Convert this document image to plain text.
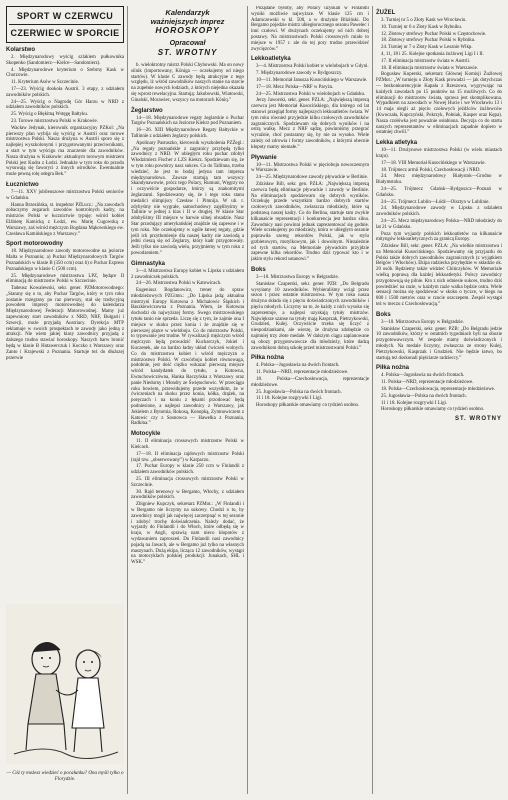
SPORT W CZERWCU
CZERWIEC W SPORCIE
Kolarstwo

2. Międzynarodowy wyścig szlakiem pułkownika Skopenko (Sandomierz—Kielce—Sandomierz).

4. Międzynarodowe kryterium o Srebrny Kask w Chorzowie.

11. Kryterium Asów w Szczecinie.

17—23. Wyścig dookoła Austrii. 3 etapy, z udziałem zawodników polskich.

24—25. Wyścig o Nagrodę Gór Harzu w NRD z udziałem zawodników polskich.

25. Wyścig o Błękitną Wstęgę Bałtyku.

23. Torowe mistrzostwa Polski w Krakowie.

Wacław Jedynak, kierownik organizacyjny PZKol: „Na pierwszy plan wybija się wyścig w Austrii oraz torowe mistrzostwa Polski. Nasza drużyna w Austrii sporo się z najlepiej wyszkolonymi i przygotowanymi przeciwnikami, a start w tym wyścigu ma znaczenie dla zawodników. Nasza drużyna w Krakowie: aktualnym torowym mistrzem Polski jest Kudra z Łodzi. Jednakże w tym roku do przodu wysuwają się faworyci z innych ośrodków. Ewentualnie może pewną rolę odegra Bek.”

Łucznictwo

7—11. XXV jubileuszowe mistrzostwa Polski seniorów w Gdańsku.

Hanna Brzezińska, st. inspektor PZŁucz.: „Na zawodach zobaczymy zegarach zawodów kontrolnych kadry, na mistrzów Polski w łucznictwie typuję: wśród kobiet Elżbietę Kamicką z Łodzi, ew. Marię Cugowską z Warszawy, zaś wśród mężczyzn Bogdana Mąkowskiego ew. Czesława Kamińskiego z Warszawy.”

Sport motorowodny

18. Międzynarodowe zawody motorowodne na jeziorze Malta w Poznaniu; a) Puchar Międzynarodowych Targów Poznańskich w klasie B (350 ccm) oraz b) o Puchar Express Poznańskiego w klasie C (500 ccm).

25. Międzynarodowe mistrzostwa LPZ, będące II eliminacją do mistrzostw Polski w Szczecinie.

Tadeusz Kowalewski, sekr. gener. PZMotorowodnego: „Starany się o to, aby Puchar Targów, który w tym roku zostanie rozegrany po raz pierwszy, stał się tradycyjną powodem imprezy motorowodnej do kalendarza Międzynarodowej Federacji Motorowodnej. Mamy już zapewniony start zawodników z NRD, NRF, Bułgarii i Szwecji, może przyjadą Austriacy. Dyrekcja MTP reklamuje w swoich prospektach te zawody jako jedną z atrakcji. Nie wiem jakiej klasy zawodnicy przyjadą z dalszego trudno stawiać horoskopy. Naszych barw bronić będą w klasie B Hutawerczuk i Koczko z Warszawy oraz Zanto i Krajewski z Poznania. Startuje też do dłuższej przerwie

Kalendarzyk
ważniejszych imprez
HOROSKOPY
Opracował
ST. WROTNY

b. wieloktrotny mistrz Polski Chybowski. Ma on nowy silnik (importowany, Königa — oczekujemy od niego startów). W klasie C zawody będą atrakcyjne z tego względu, iż wśród zawodników naszych stanie na starcie na zupełnie nowych łodziach, z których niejedna okazała się wprost rewelacyjna. Startują: Jakubowski, Wiatowski, Ginalski, Morawiec, wszyscy na motorach Köniq.”

Żeglarstwo

14—18. Międzynarodowe regaty żeglarskie o Puchar Targów Poznańskich na Jeziorze Kiekrz pod Poznaniem.

16—26. XIII Międzynarodowe Regaty Bałtyckie w Tallinnie z udziałem żeglarzy polskich.

Apolinary Pastuszko, kierownik wyszkolenia PZŻegl.: „Na regaty poznańskie z zagranicy przybędą tylko zawodnicy z NRD. W ubiegłym roku puchar zdobył Włodzimierz Fischer z LZS Kiekrz. Spodziewam się, że w tym roku powtórzy nasz sukces. Co do Tallinna, trzeba wiedzieć, że jest to bodaj jedyna tam impreza międzynarodowa. Zawsze startują tam wszyscy Skandynawowie, prócz tego Polacy, Rumuni, Węgrzy no i oczywiście gospodarze, którzy są znakomitymi żeglarzami. Spodziewamy się, że i tego roku stanu medalici olimpijscy Czesław i Pimnija. W ub. r. zdybyśmy nie wygrałe, samochodowy zajęlibyśmy w Tallinie w jednej z klas i II w drugiej. W klasie Star zdobyliśmy III miejsce w barwie silnej obsadzie. Nasz Star przodujący amerykańskiej znajdzie się zapewne i w tym roku. Nie oczekujemy w ogóle łatwej regaty, gdzie jeśli ich przytłumienie dla naszej kadry nie zawiodą a jedni cieszą się od Żeglarzy, który kadr przygotowały. Jeśli tylko nie zawiodą wielu, przyjmiemy w tym roku z powodzeniem.”

Gimnastyka

3—4. Mistrzostwa Europy kobiet w Lipsku z udziałem 2 zawodniczek polskich.

24—26. Mistrzostwa Polski w Katowicach.

Eugeniusz Bogdanowicz, trener do spraw młodzieżowych PZGimn.: „Do Lipska jadą: aktualna mistrzyni Europy Kotowna z Michalowic Śląskich i Baszkiewiczowna z Poznania. Wiem, że Kotowna dochodzi do najwyższej formy. Swego mistrzowskiego tytułu tanio nie sprzeda. Liczę się z tym, że zajmie ona I miejsce w skoku przez konia i że znajdzie się w pierwszej piątce w wieloboju. Co do mistrzostw Polski, to typowanie jest trudne. W rywalizacji mężczyzn wśród mężczyzn będą prowadzić Kucharczyk, Jokiel i Kuczenek, ale na bardzo ładny układ ćwiczeń wolnych. Co do mistrzostwa kobiet i wśród mężczyzn o mistrzostwo Polski. W czwórboju kobiet równowaga, podobnie, jest dość ciężko wskazać pierwszą miejsce wśród kandydatek do tytułu, a Kotowna, Ewtuchowiczówna, Hanka Raczyńska z Warszawy oraz panie Niedurny i Mondry ze Świętochowic. W przeciągu roku bowiem, przewidujemy przede wszystkim, że w ćwiczeniach na skoku przez konia, kółka, drążek, na poręczach i na koniu z łękami przodować będą podniesione, a najlepsi zawodnicy z Warszawy, jak Jokielem z Bytomia, Rokosą, Konopką, Zymnowiczem z Katowic czy z Sosnowca — Hawelka z Poznania, Radkina.”

Motocykle

11. II eliminacja crossowych mistrzostw Polski w Kielcach.

17—18. II eliminacja rajdowych mistrzostw Polski (rajd tzw. „obserwowany”) w Karpaczu.

17. Puchar Europy w klasie 250 ccm w Finlandii z udziałem zawodników polskich.

25. III eliminacja crossowych mistrzostw Polski w Szczecinie.

30. Rajd terenowy w Bergamo, Włochy, z udziałem zawodników polskich.

Zbigniew Kupczyk, sekretarz PZMot.: „W Finlandii i w Bergamo nie liczymy na sukcesy. Chodzi o to, by zawodnicy mogli jak najwięcej zaczerpnąć w tej sezonie i zdobyć trochę doświadczenia. Należy dodać, że wyjazdy do Finlandii i do Włoch, które odbędą się w kraju, w Angli, sprawią nam nieco kłopotów z wydawaniem zaproszeń. Do Finlandii nasi zawodnicy pojadą na Jawach, ale w Bergamo już tylko na własnych maszynach. Dużą ekipa, licząca 12 zawodników, wystąpi na motocyklach polskiej produkcji: Junakach, SHL i WSK.”

Pożądane byłoby, aby Polacy uzyskali w Finlandii wyniki możliwie najwyższe. W klasie 125 cm i Adamczewski w kl. 500, a w drużynie Bliziński. Do Bergamo pojedzie mistrz ubiegłorocznego sezonu Pawelec i inni czołowi. W drużynach oczekujemy od nich dobrej postawy. Na mistrzostwach Polski crossowych miało to miejsce w 1957 r. ale do tej pory trudno przewidzieć zwycięzców.”

Lekkoatletyka

3—4. Mistrzostwa Polski kobiet w wielobojach w Gdyni.

7. Międzynarodowe zawody w Bydgoszczy.

10—11. Memoriał Janusza Kusocińskiego w Warszawie.

17—18. Mecz Polska—NRF w Paryżu.

24—25. Mistrzostwa Polski w wielobojach w Gdańsku.

Jerzy Jaworski, sekr. gener. PZLA: „Największą imprezą czerwca jest Memoriał Kusocińskiego, dla którego od lat stanowi przegląd formy najlepszych lekkoatletów świata. W tym roku również przyjedzie kilku czołowych zawodników zagranicznych. Spodziewam się dobrych wyników i na ostrą walkę. Mecz z NRF sądzę, powinniśmy przegrać wyraźnie, choć postaramy się, by nie za wysoko. Wiele zależy od zdrowia i formy zawodników, z którymi obecnie kłopoty mamy niemałe.”

Pływanie

10—11. Mistrzostwa Polski w pięcioboju nowoczesnym w Warszawie.

24—25. Międzynarodowe zawody pływackie w Berlinie.

Zdzisław Bill, sekr. gen. PZŁA: „Największą imprezą czerwca będą eliminacje pływackie i zawody w Berlinie. Na eliminacjach spodziewam się dobrych wyników. Oczekuję przede wszystkim bardzo dobrych startów czołowych zawodników, zwłaszcza młodzieży, które są podstawą naszej kadry. Co do Berlina, startuje tam zwykle kilkanaście reprezentacji i konkurencja jest bardzo silna. Zawodnicy nasi powinni jednak zaprezentować się godnie. Wiele oczekujemy po młodzieży, która w ubiegłym sezonie poprawiła szereg rekordów Polski, jak w stylu grzbietowym, motylkowym, jak i dowolnym. Niezależnie od tych startów, na Memoriale pływackim przyjdzie zapewne kilka rekordów. Trudno dziś typować kto i w jakim stylu rekord ustanowi.”

Boks

3—10. Mistrzostwa Europy w Belgradzie.

Stanisław Czaperski, sekr. gener. PZB: „Do Belgradu wysyłamy 10 zawodników. Wybieraliśmy wciąż przez sezon i przez ostatnie mistrzostwa. W tym roku nasza drużyna składa się z pięciu doświadczonych zawodników i pięciu młodych. Liczymy na to, że każdy z nich wysoko się zaprezentuje, a najlepsi uzyskają tytuły mistrzów. Największe szanse na tytuły mają Kasprzak, Pietrzykowski, Grudzień, Kulej. Oczywiście trzeba się liczyć z niespodziankami, ale wierzę, że drużyna zdobędzie co najmniej trzy złote medale. W dalszym ciągu zaplanowane są obozy przygotowawcze dla młodzieży, które dadzą zawodnikom dobrą szkołę przed mistrzostwami Polski.”

Piłka nożna

4. Polska—Jugosławia na dwóch frontach.

11. Polska—NRD, reprezentacje młodzieżowe.

18. Polska—Czechosłowacja, reprezentacje młodzieżowe.

25. Jugosławia—Polska na dwóch frontach.

11 i 18. Kolejne rozgrywki I Ligi.

Horoskopy piłkarskie omawiamy co tydzień osobno.

ŻUŻEL

3. Turniej nr 5 o Złoty Kask we Wrocławiu.

10. Turniej nr 6 o Złoty Kask w Rybniku.

12. Złotowy strefowy Puchar Polski w Częstochowie.

18. Złotowy strefowy Puchar Polski w Rybniku.

24. Turniej nr 7 o Złoty Kask w Lesznie Wlkp.

4, 11, 18 i 25. Kolejne spotkania żużlowej Ligi I i II.

17. II eliminacja mistrzostw świata w Austrii.

18. II eliminacja mistrzostw świata w Warszawie.

Bogusław Koperski, sekretarz Głównej Komisji Żużlowej PZMot.: „W turnieju o Złoty Kask prowadzi — jak dotychczas — bezkonkurencyjnie Kapała z Rzeszowa, wygrywając na każdych zawodach po 15 punktów na 15 możliwych. Co do eliminacji do mistrzostw świata, sprawa jest skomplikowana. Wypadkiem na zawodach w Nowej Hucie i we Wrocławiu 13 i 14 maja ulegli aż pięciu czołowych jeźdźców żużlowców (Kwoczała, Kupczyński, Pokrzyk, Połniak, Kasper oraz Kępa). Nasza czołówka jest poważnie osłabiona. Decyzja co do startu naszych reprezentantów w eliminacjach zapadnie dopiero w ostatniej chwili.”

Lekka atletyka

10—11. Drużynowe mistrzostwa Polski (w wielu miastach kraju).

17—18. VIII Memoriał Kusocińskiego w Warszawie.

18. Trójmecz armii Polski, Czechosłowacji i NRD.

24. Mecz międzynarodowy Białystok—Grodno w Białymstoku.

24—25. Trójmecz Gdańsk—Bydgoszcz—Poznań w Gdańsku.

24—25. Trójmecz Lublin—Łódź—Olsztyn w Lublinie.

24. Międzynarodowe zawody w Lipsku z udziałem zawodników polskich.

24—25. Mecz międzynarodowy Polska—NRD młodzieży do lat 21 w Gdańsku.

Poza tym wyjazdy polskich lekkoatletów na kilkanaście mityngów lekkoatletycznych za granicą Europy.

Zdzisław Bill, sekr. gener. PZLA: „Na wielkie mistrzostwa i na Memoriał Kusocińskiego. Spodziewamy się przyjazdu do Polski także dobrych zawodników zagranicznych (z wyjątkiem Belgów i Włochów). Ekipa radziecka przybędzie w składzie ok. 20 osób. Będziemy także widzieć Chińczyków. W Memoriale wielką poprawą dla każdej lekkoatletyki. Polscy zawodnicy przygotowują się pilnie. Kto z nich odniesie sukces, trudno dziś powiedzieć na razie, w każdym razie walka będzie ostra. Wiele sensacji można się spodziewać w skoku o tyczce, w biegu na 800 i 1500 metrów oraz w rzucie oszczepem. Zespół wystąpi też w meczu z Czechosłowacją.”

Boks

3—10. Mistrzostwa Europy w Belgradzie.

Stanisław Czaperski, sekr. gener. PZB: „Do Belgradu jedzie 10 zawodników, którzy w ostatnich tygodniach byli na obozie przygotowawczym. W zespole mamy doświadczonych i młodych. Na medale liczymy, zwłaszcza ze strony Kulej, Pietrzykowski, Kasprzak i Grudzień. Nie będzie łatwo, bo startują też doskonali pięściarze radzieccy.”

Piłka nożna

4. Polska—Jugosławia na dwóch frontach.

11. Polska—NRD, reprezentacje młodzieżowe.

18. Polska—Czechosłowacja, reprezentacje młodzieżowe.

25. Jugosławia—Polska na dwóch frontach.

11 i 18. Kolejne rozgrywki I Ligi.

Horoskopy piłkarskie omawiamy co tydzień osobno.

ST. WROTNY
— Cóż ty możesz wiedzieć o pocałunku? Ona myśli tylko o Florydzie.
